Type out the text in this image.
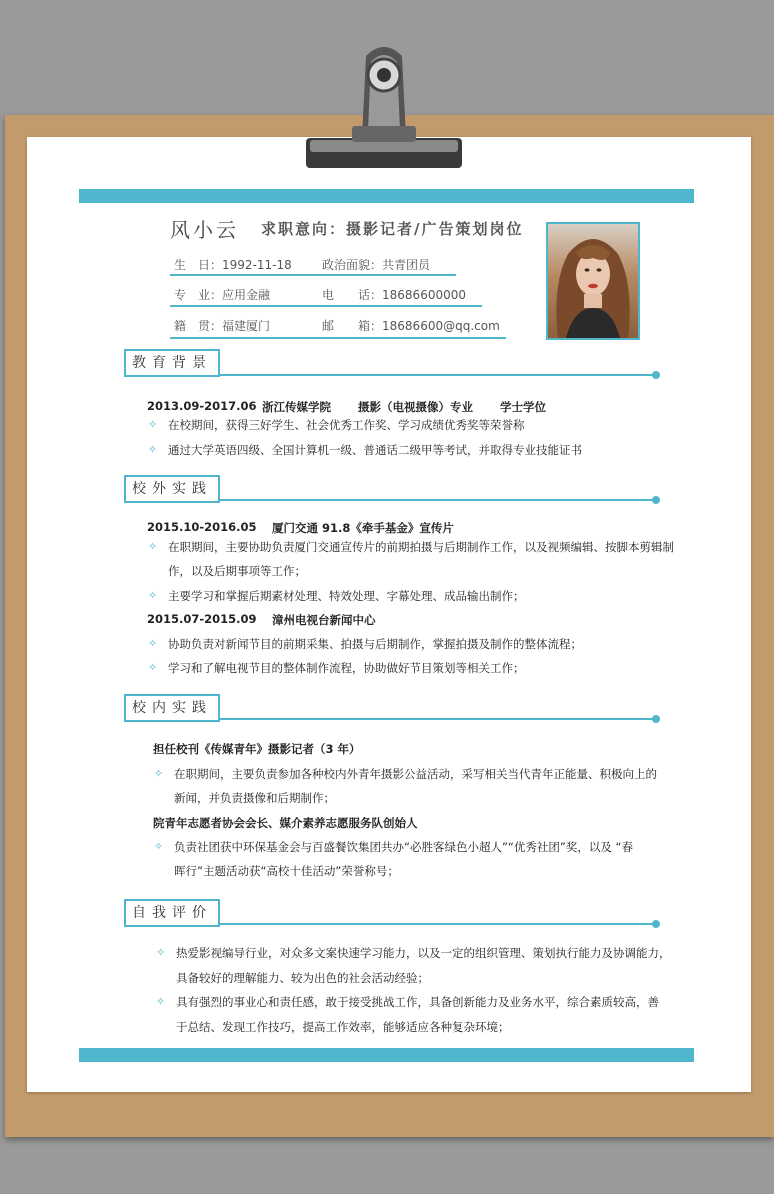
风小云 求职意向：摄影记者/广告策划岗位
生　日：1992-11-18	政治面貌：共青团员
专　业：应用金融	电　　话：18686600000
籍　贯：福建厦门	邮　　箱：18686600@qq.com
教育背景
2013.09-2017.06 浙江传媒学院 摄影（电视摄像）专业 学士学位
✧ 在校期间，获得三好学生、社会优秀工作奖、学习成绩优秀奖等荣誉称
✧ 通过大学英语四级、全国计算机一级、普通话二级甲等考试，并取得专业技能证书
校外实践
2015.10-2016.05 厦门交通 91.8《牵手基金》宣传片
✧ 在职期间，主要协助负责厦门交通宣传片的前期拍摄与后期制作工作，以及视频编辑、按脚本剪辑制
作，以及后期事项等工作；
✧ 主要学习和掌握后期素材处理、特效处理、字幕处理、成品输出制作；
2015.07-2015.09 漳州电视台新闻中心
✧ 协助负责对新闻节目的前期采集、拍摄与后期制作，掌握拍摄及制作的整体流程；
✧ 学习和了解电视节目的整体制作流程，协助做好节目策划等相关工作；
校内实践
担任校刊《传媒青年》摄影记者（3 年）
✧ 在职期间，主要负责参加各种校内外青年摄影公益活动，采写相关当代青年正能量、积极向上的
新闻，并负责摄像和后期制作；
院青年志愿者协会会长、媒介素养志愿服务队创始人
✧ 负责社团获中环保基金会与百盛餐饮集团共办“必胜客绿色小超人”“优秀社团”奖，以及 “春
晖行”主题活动获“高校十佳活动”荣誉称号；
自我评价
✧ 热爱影视编导行业，对众多文案快速学习能力，以及一定的组织管理、策划执行能力及协调能力，
具备较好的理解能力、较为出色的社会活动经验；
✧ 具有强烈的事业心和责任感，敢于接受挑战工作，具备创新能力及业务水平，综合素质较高，善
于总结、发现工作技巧，提高工作效率，能够适应各种复杂环境；
